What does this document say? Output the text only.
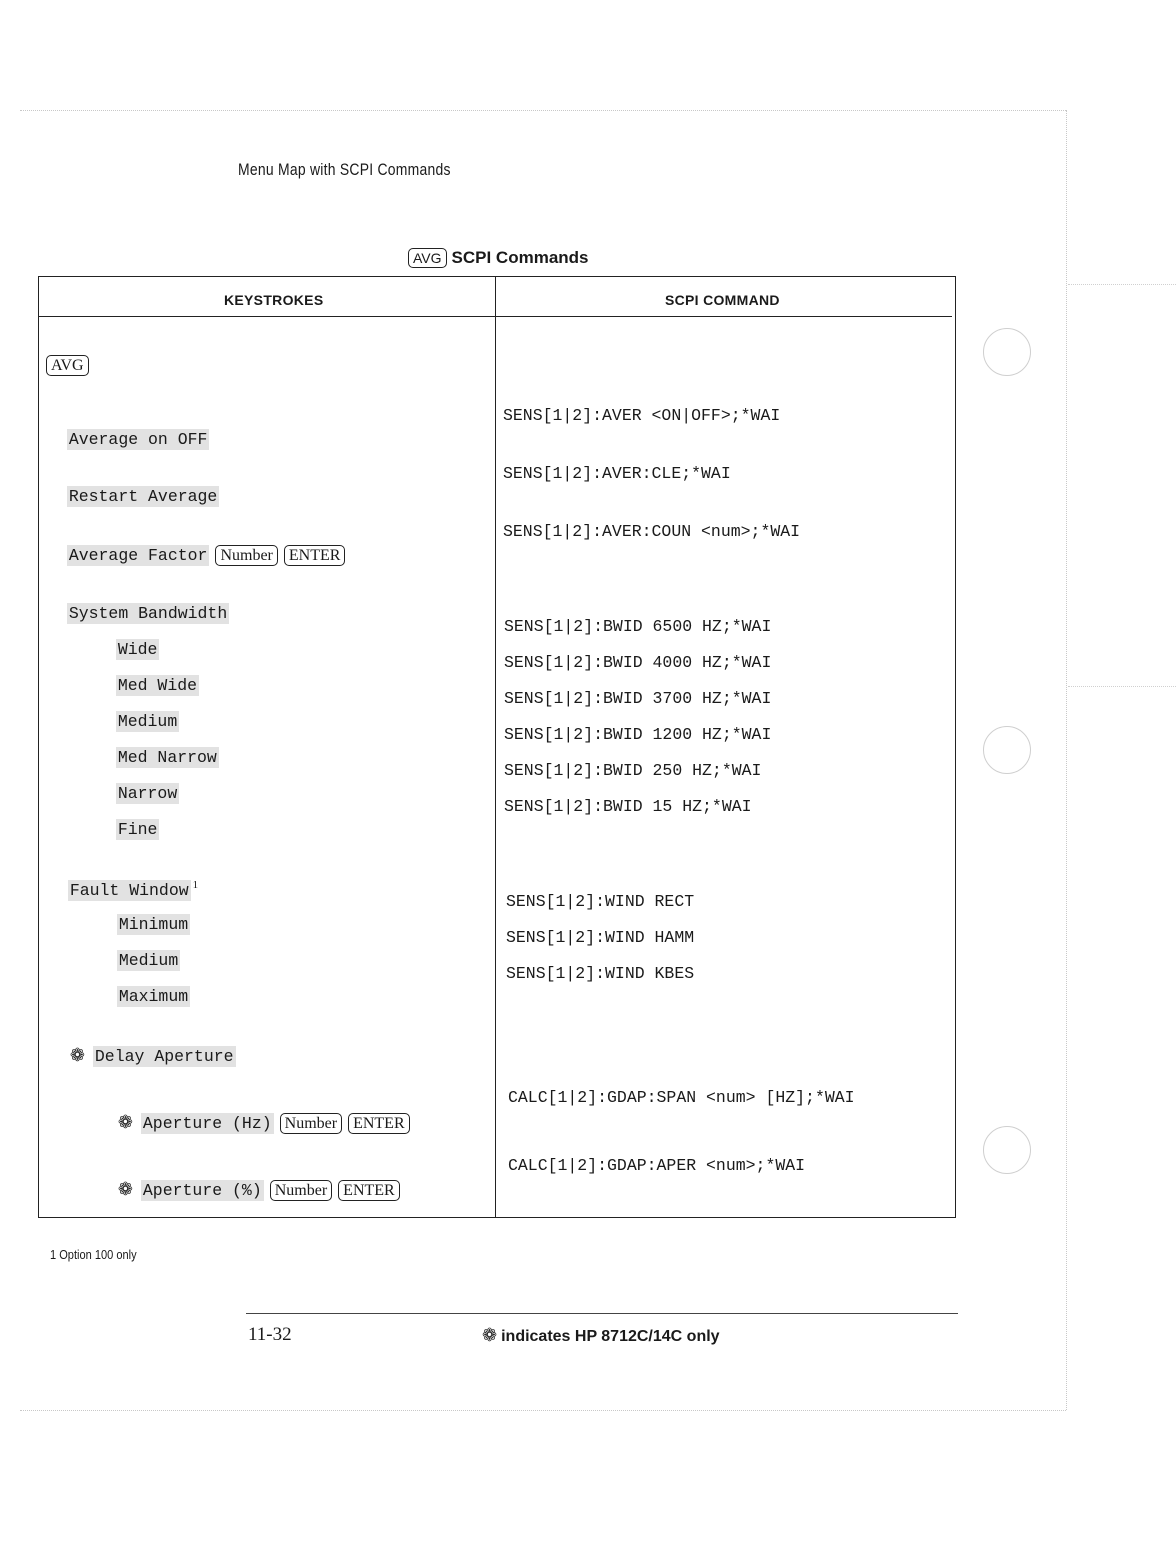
Menu Map with SCPI Commands
AVG SCPI Commands
KEYSTROKES	SCPI COMMAND
AVG

Average on OFF

SENS[1|2]:AVER <ON|OFF>;*WAI

Restart Average

SENS[1|2]:AVER:CLE;*WAI

Average Factor Number ENTER

SENS[1|2]:AVER:COUN <num>;*WAI

System Bandwidth

Wide

SENS[1|2]:BWID 6500 HZ;*WAI

Med Wide

SENS[1|2]:BWID 4000 HZ;*WAI

Medium

SENS[1|2]:BWID 3700 HZ;*WAI

Med Narrow

SENS[1|2]:BWID 1200 HZ;*WAI

Narrow

SENS[1|2]:BWID 250 HZ;*WAI

Fine

SENS[1|2]:BWID 15 HZ;*WAI

Fault Window $^1$

Minimum

SENS[1|2]:WIND RECT

Medium

SENS[1|2]:WIND HAMM

Maximum

SENS[1|2]:WIND KBES

❁ Delay Aperture

❁ Aperture (Hz) Number ENTER

CALC[1|2]:GDAP:SPAN <num> [HZ];*WAI

❁ Aperture (%) Number ENTER

CALC[1|2]:GDAP:APER <num>;*WAI
1 Option 100 only
11-32	❁ indicates HP 8712C/14C only
